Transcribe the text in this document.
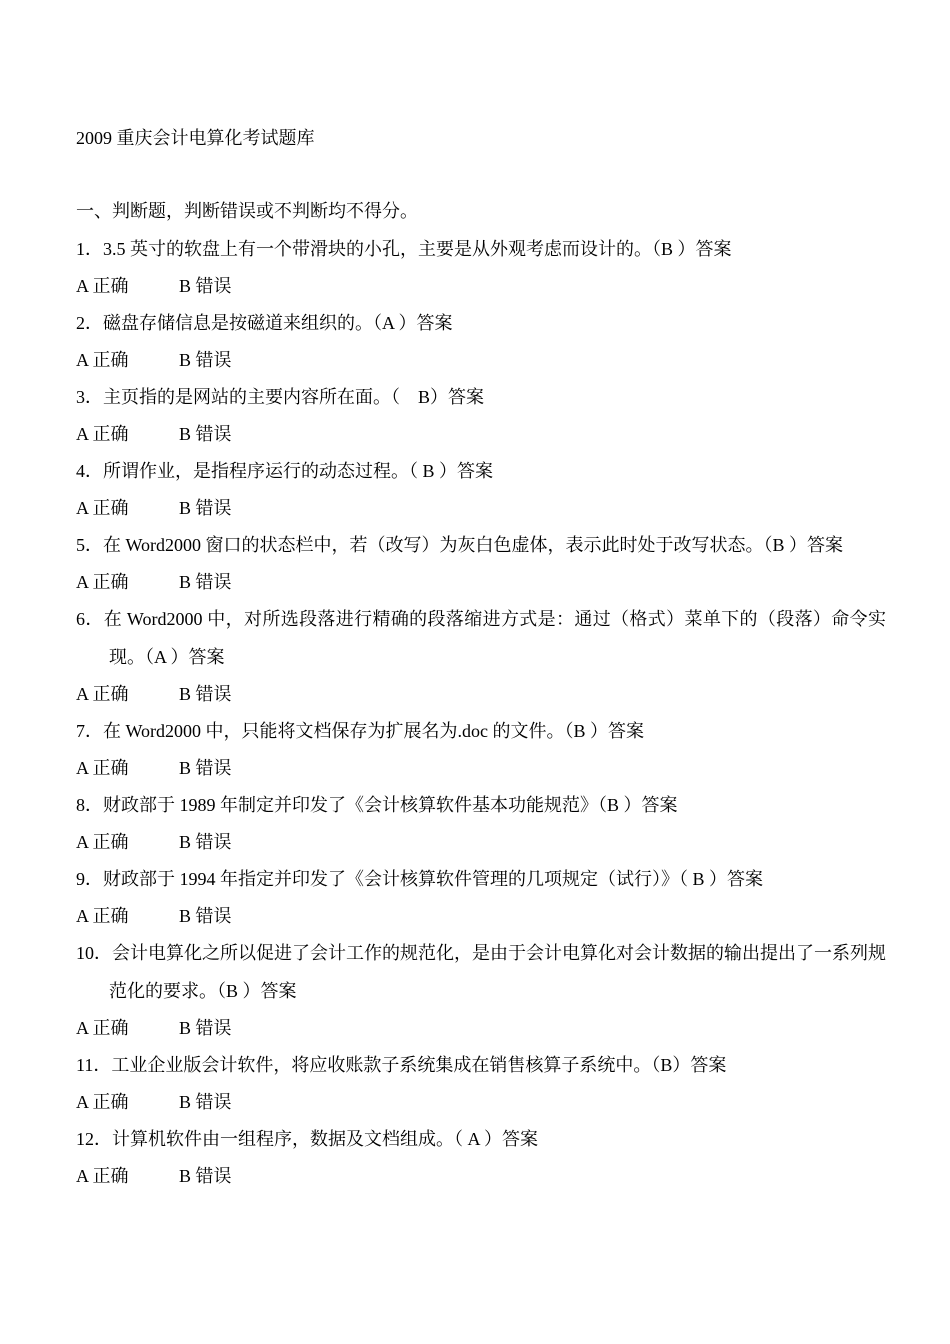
2009 重庆会计电算化考试题库
一、判断题，判断错误或不判断均不得分。
1．3.5 英寸的软盘上有一个带滑块的小孔，主要是从外观考虑而设计的。（B ）答案
A 正确	B 错误
2．磁盘存储信息是按磁道来组织的。（A ）答案
A 正确	B 错误
3．主页指的是网站的主要内容所在面。（　B）答案
A 正确	B 错误
4．所谓作业，是指程序运行的动态过程。（ B ）答案
A 正确	B 错误
5．在 Word2000 窗口的状态栏中，若（改写）为灰白色虚体，表示此时处于改写状态。（B ）答案
A 正确	B 错误
6．在 Word2000 中，对所选段落进行精确的段落缩进方式是：通过（格式）菜单下的（段落）命令实现。（A ）答案
A 正确	B 错误
7．在 Word2000 中，只能将文档保存为扩展名为.doc 的文件。（B ）答案
A 正确	B 错误
8．财政部于 1989 年制定并印发了《会计核算软件基本功能规范》（B ）答案
A 正确	B 错误
9．财政部于 1994 年指定并印发了《会计核算软件管理的几项规定（试行）》（ B ）答案
A 正确	B 错误
10．会计电算化之所以促进了会计工作的规范化，是由于会计电算化对会计数据的输出提出了一系列规范化的要求。（B ）答案
A 正确	B 错误
11．工业企业版会计软件，将应收账款子系统集成在销售核算子系统中。（B）答案
A 正确	B 错误
12．计算机软件由一组程序，数据及文档组成。（ A ）答案
A 正确	B 错误
